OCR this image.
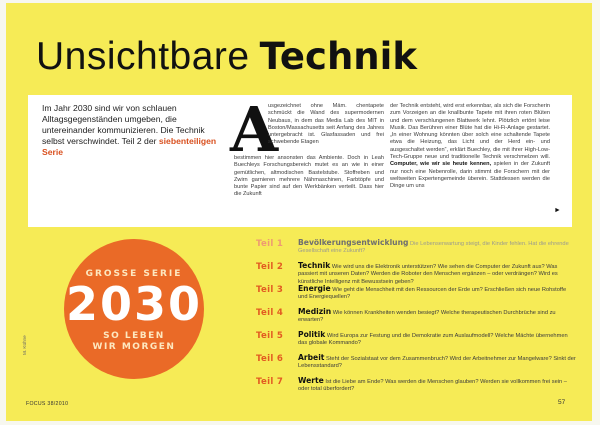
Unsichtbare Technik
Im Jahr 2030 sind wir von schlauen Alltagsgegenständen umgeben, die untereinander kommunizieren. Die Technik selbst verschwindet. Teil 2 der siebenteiligen Serie	A
usgezeichnet ohne Mäm. chentapete schmückt die Wand des supermodernen Neubaus, in dem das Media Lab des MIT in Boston/Massachusetts seit Anfang des Jahres untergebracht ist. Glasfassaden und frei schwebende Etagen
bestimmen hier ansonsten das Ambiente. Doch in Leah Buechleys Forschungsbereich mutet es an wie in einer gemütlichen, altmodischen Bastelstube. Stoffreben und Zwirn garnieren mehrere Nähmaschinen, Farbtöpfe und bunte Papier sind auf den Werkbänken verteilt. Dass hier die Zukunft
der Technik entsteht, wird erst erkennbar, als sich die Forscherin zum Vorzeigen an die knallbunte Tapete mit ihren roten Blüten und dem verschlungenen Blattwerk lehnt. Plötzlich ertönt leise Musik. Das Berühren einer Blüte hat die Hi-Fi-Anlage gestartet. „In einer Wohnung könnten über solch eine schaltende Tapete etwa die Heizung, das Licht und der Herd ein- und ausgeschaltet werden“, erklärt Buechley, die mit ihrer High-Low-Tech-Gruppe neue und traditionelle Technik verschmelzen will. Computer, wie wir sie heute kennen, spielen in der Zukunft nur noch eine Nebenrolle, darin stimmt die Forschern mit der weltweiten Expertengemeinde überein. Stattdessen werden die Dinge um uns
►
GROSSE SERIE
2030
SO LEBEN
WIR MORGEN
Teil 1	Bevölkerungsentwicklung Die Lebenserwartung steigt, die Kinder fehlen. Hat die ehrende Gesellschaft eine Zukunft?
Teil 2	Technik Wie wird uns die Elektronik unterstützen? Wie sehen die Computer der Zukunft aus? Was passiert mit unseren Daten? Werden die Roboter den Menschen ergänzen – oder verdrängen? Wird es künstliche Intelligenz mit Bewusstsein geben?
Teil 3	Energie Wie geht die Menschheit mit den Ressourcen der Erde um? Erschließen sich neue Rohstoffe und Energiequellen?
Teil 4	Medizin Wie können Krankheiten wenden besiegt? Welche therapeutischen Durchbrüche sind zu erwarten?
Teil 5	Politik Wird Europa zur Festung und die Demokratie zum Auslaufmodell? Welche Mächte übernehmen das globale Kommando?
Teil 6	Arbeit Steht der Sozialstaat vor dem Zusammenbruch? Wird der Arbeitnehmer zur Mangelware? Sinkt der Lebensstandard?
Teil 7	Werte Ist die Liebe am Ende? Was werden die Menschen glauben? Werden sie vollkommen frei sein – oder total überfordert?
M. Kühne
FOCUS 38/2010	57
